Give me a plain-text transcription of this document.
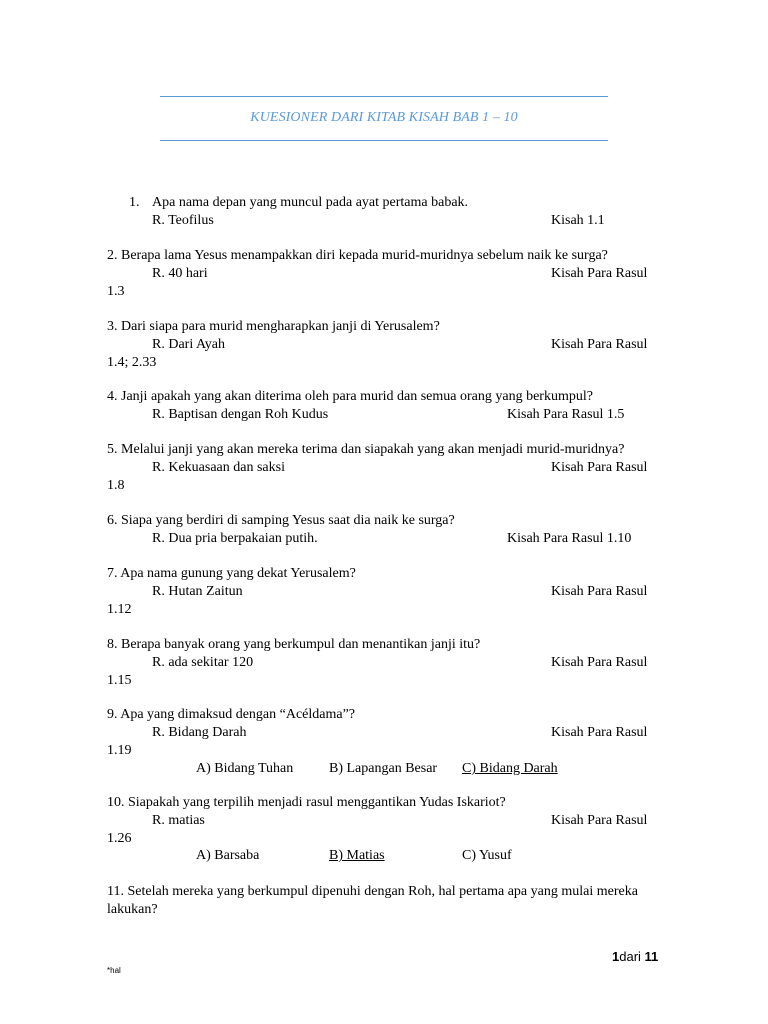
KUESIONER DARI KITAB KISAH BAB 1 – 10
1. Apa nama depan yang muncul pada ayat pertama babak.
R. Teofilus	Kisah 1.1
2. Berapa lama Yesus menampakkan diri kepada murid-muridnya sebelum naik ke surga?
R. 40 hari	Kisah Para Rasul
1.3
3. Dari siapa para murid mengharapkan janji di Yerusalem?
R. Dari Ayah	Kisah Para Rasul
1.4; 2.33
4. Janji apakah yang akan diterima oleh para murid dan semua orang yang berkumpul?
R. Baptisan dengan Roh Kudus	Kisah Para Rasul 1.5
5. Melalui janji yang akan mereka terima dan siapakah yang akan menjadi murid-muridnya?
R. Kekuasaan dan saksi	Kisah Para Rasul
1.8
6. Siapa yang berdiri di samping Yesus saat dia naik ke surga?
R. Dua pria berpakaian putih.	Kisah Para Rasul 1.10
7. Apa nama gunung yang dekat Yerusalem?
R. Hutan Zaitun	Kisah Para Rasul
1.12
8. Berapa banyak orang yang berkumpul dan menantikan janji itu?
R. ada sekitar 120	Kisah Para Rasul
1.15
9. Apa yang dimaksud dengan “Acéldama”?
R. Bidang Darah	Kisah Para Rasul
1.19
A) Bidang Tuhan	B) Lapangan Besar C) Bidang Darah
10. Siapakah yang terpilih menjadi rasul menggantikan Yudas Iskariot?
R. matias	Kisah Para Rasul
1.26
A) Barsaba	B) Matias	C) Yusuf
11. Setelah mereka yang berkumpul dipenuhi dengan Roh, hal pertama apa yang mulai mereka
lakukan?
1dari 11
*hal
